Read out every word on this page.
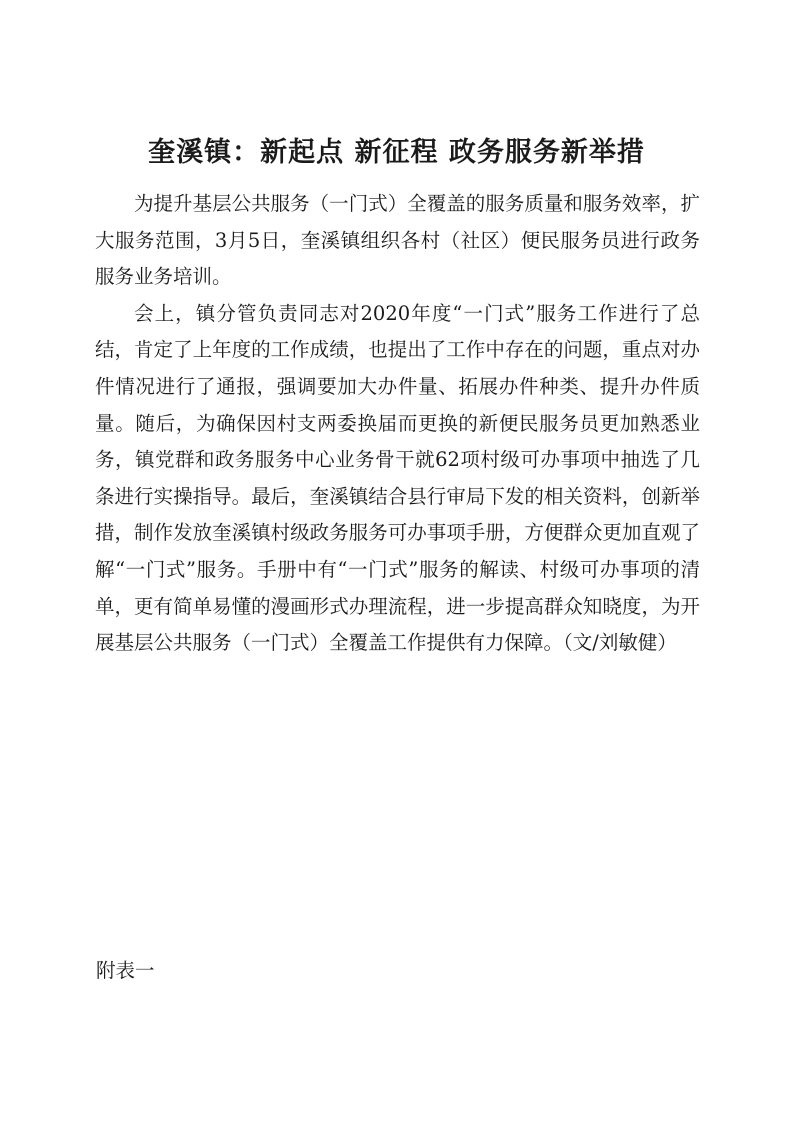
奎溪镇：新起点 新征程 政务服务新举措

为提升基层公共服务（一门式）全覆盖的服务质量和服务效率，扩大服务范围，3月5日，奎溪镇组织各村（社区）便民服务员进行政务服务业务培训。

会上，镇分管负责同志对2020年度“一门式”服务工作进行了总结，肯定了上年度的工作成绩，也提出了工作中存在的问题，重点对办件情况进行了通报，强调要加大办件量、拓展办件种类、提升办件质量。随后，为确保因村支两委换届而更换的新便民服务员更加熟悉业务，镇党群和政务服务中心业务骨干就62项村级可办事项中抽选了几条进行实操指导。最后，奎溪镇结合县行审局下发的相关资料，创新举措，制作发放奎溪镇村级政务服务可办事项手册，方便群众更加直观了解“一门式”服务。手册中有“一门式”服务的解读、村级可办事项的清单，更有简单易懂的漫画形式办理流程，进一步提高群众知晓度，为开展基层公共服务（一门式）全覆盖工作提供有力保障。（文/刘敏健）

附表一
